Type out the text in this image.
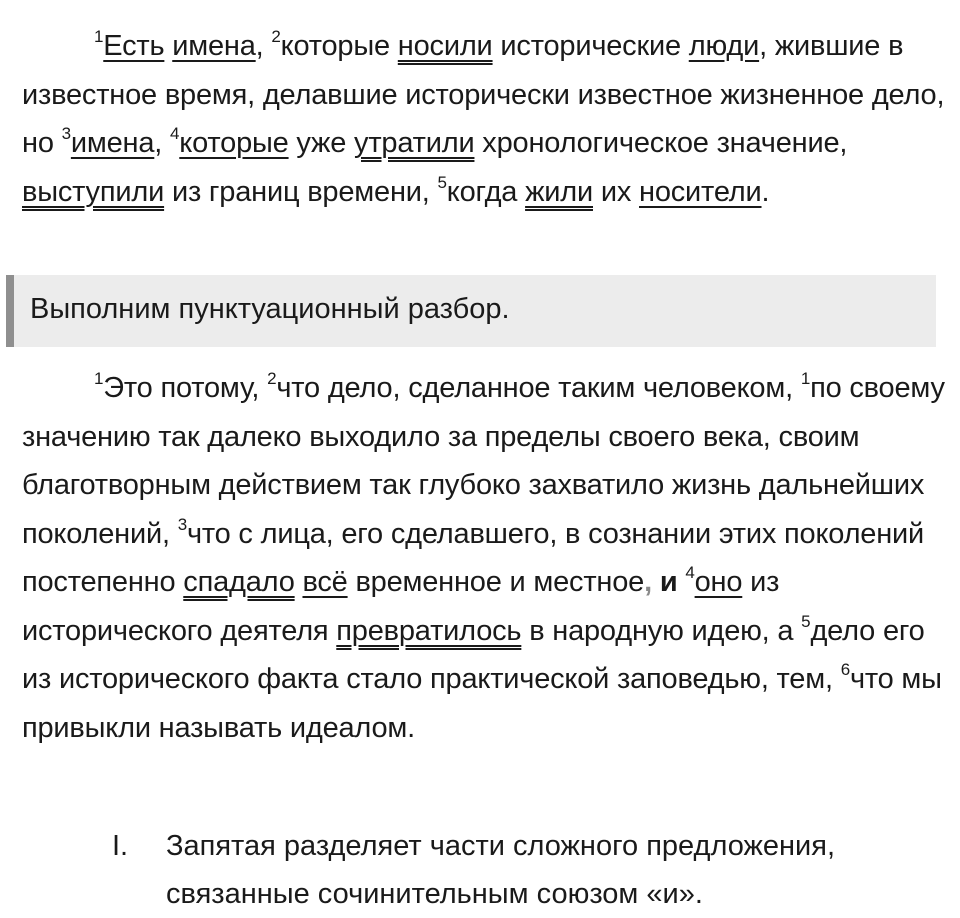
$^1$Есть имена, $^2$которые носили исторические люди, жившие в известное время, делавшие исторически известное жизненное дело, но $^3$имена, $^4$которые уже утратили хронологическое значение, выступили из границ времени, $^5$когда жили их носители.
Выполним пунктуационный разбор.
$^1$Это потому, $^2$что дело, сделанное таким человеком, $^1$по своему значению так далеко выходило за пределы своего века, своим благотворным действием так глубоко захватило жизнь дальнейших поколений, $^3$что с лица, его сделавшего, в сознании этих поколений постепенно спадало всё временное и местное, и $^4$оно из исторического деятеля превратилось в народную идею, а $^5$дело его из исторического факта стало практической заповедью, тем, $^6$что мы привыкли называть идеалом.
I. Запятая разделяет части сложного предложения, связанные сочинительным союзом «и».
